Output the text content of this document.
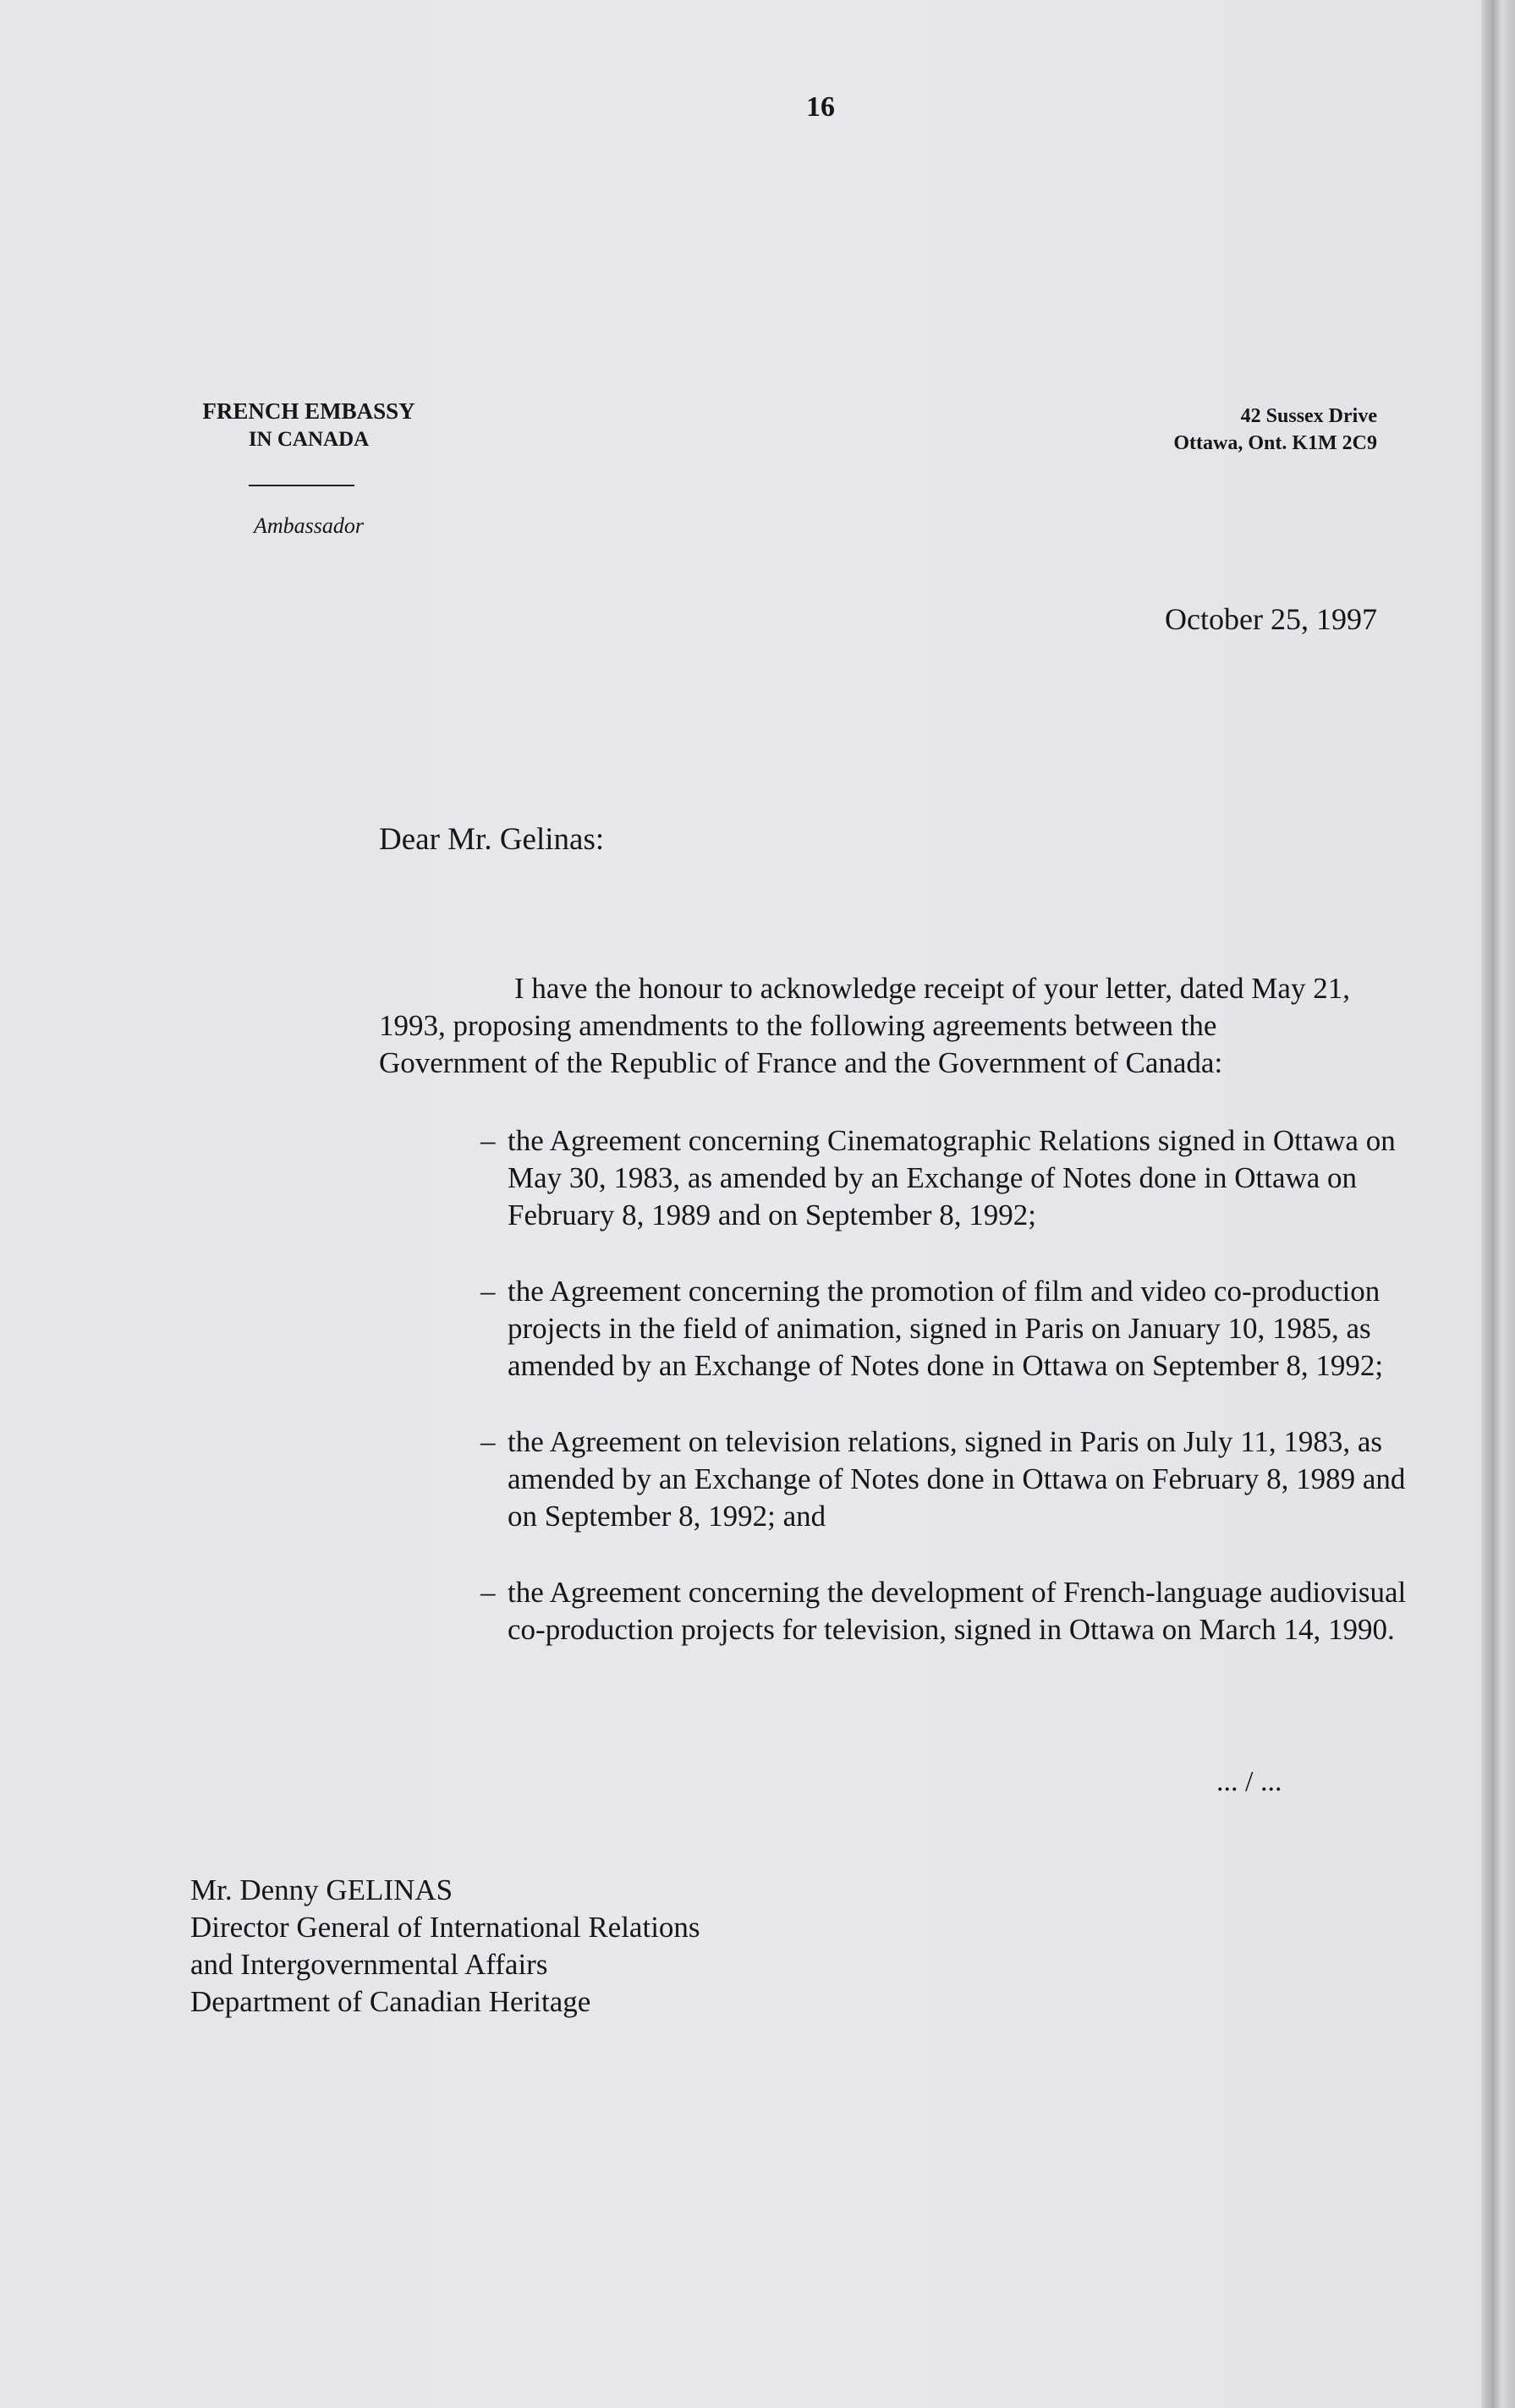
16
FRENCH EMBASSY
IN CANADA
Ambassador
42 Sussex Drive
Ottawa, Ont. K1M 2C9
October 25, 1997
Dear Mr. Gelinas:
I have the honour to acknowledge receipt of your letter, dated May 21, 1993, proposing amendments to the following agreements between the Government of the Republic of France and the Government of Canada:
– the Agreement concerning Cinematographic Relations signed in Ottawa on May 30, 1983, as amended by an Exchange of Notes done in Ottawa on February 8, 1989 and on September 8, 1992;
– the Agreement concerning the promotion of film and video co-production projects in the field of animation, signed in Paris on January 10, 1985, as amended by an Exchange of Notes done in Ottawa on September 8, 1992;
– the Agreement on television relations, signed in Paris on July 11, 1983, as amended by an Exchange of Notes done in Ottawa on February 8, 1989 and on September 8, 1992; and
– the Agreement concerning the development of French-language audiovisual co-production projects for television, signed in Ottawa on March 14, 1990.
... / ...
Mr. Denny GELINAS
Director General of International Relations
and Intergovernmental Affairs
Department of Canadian Heritage
